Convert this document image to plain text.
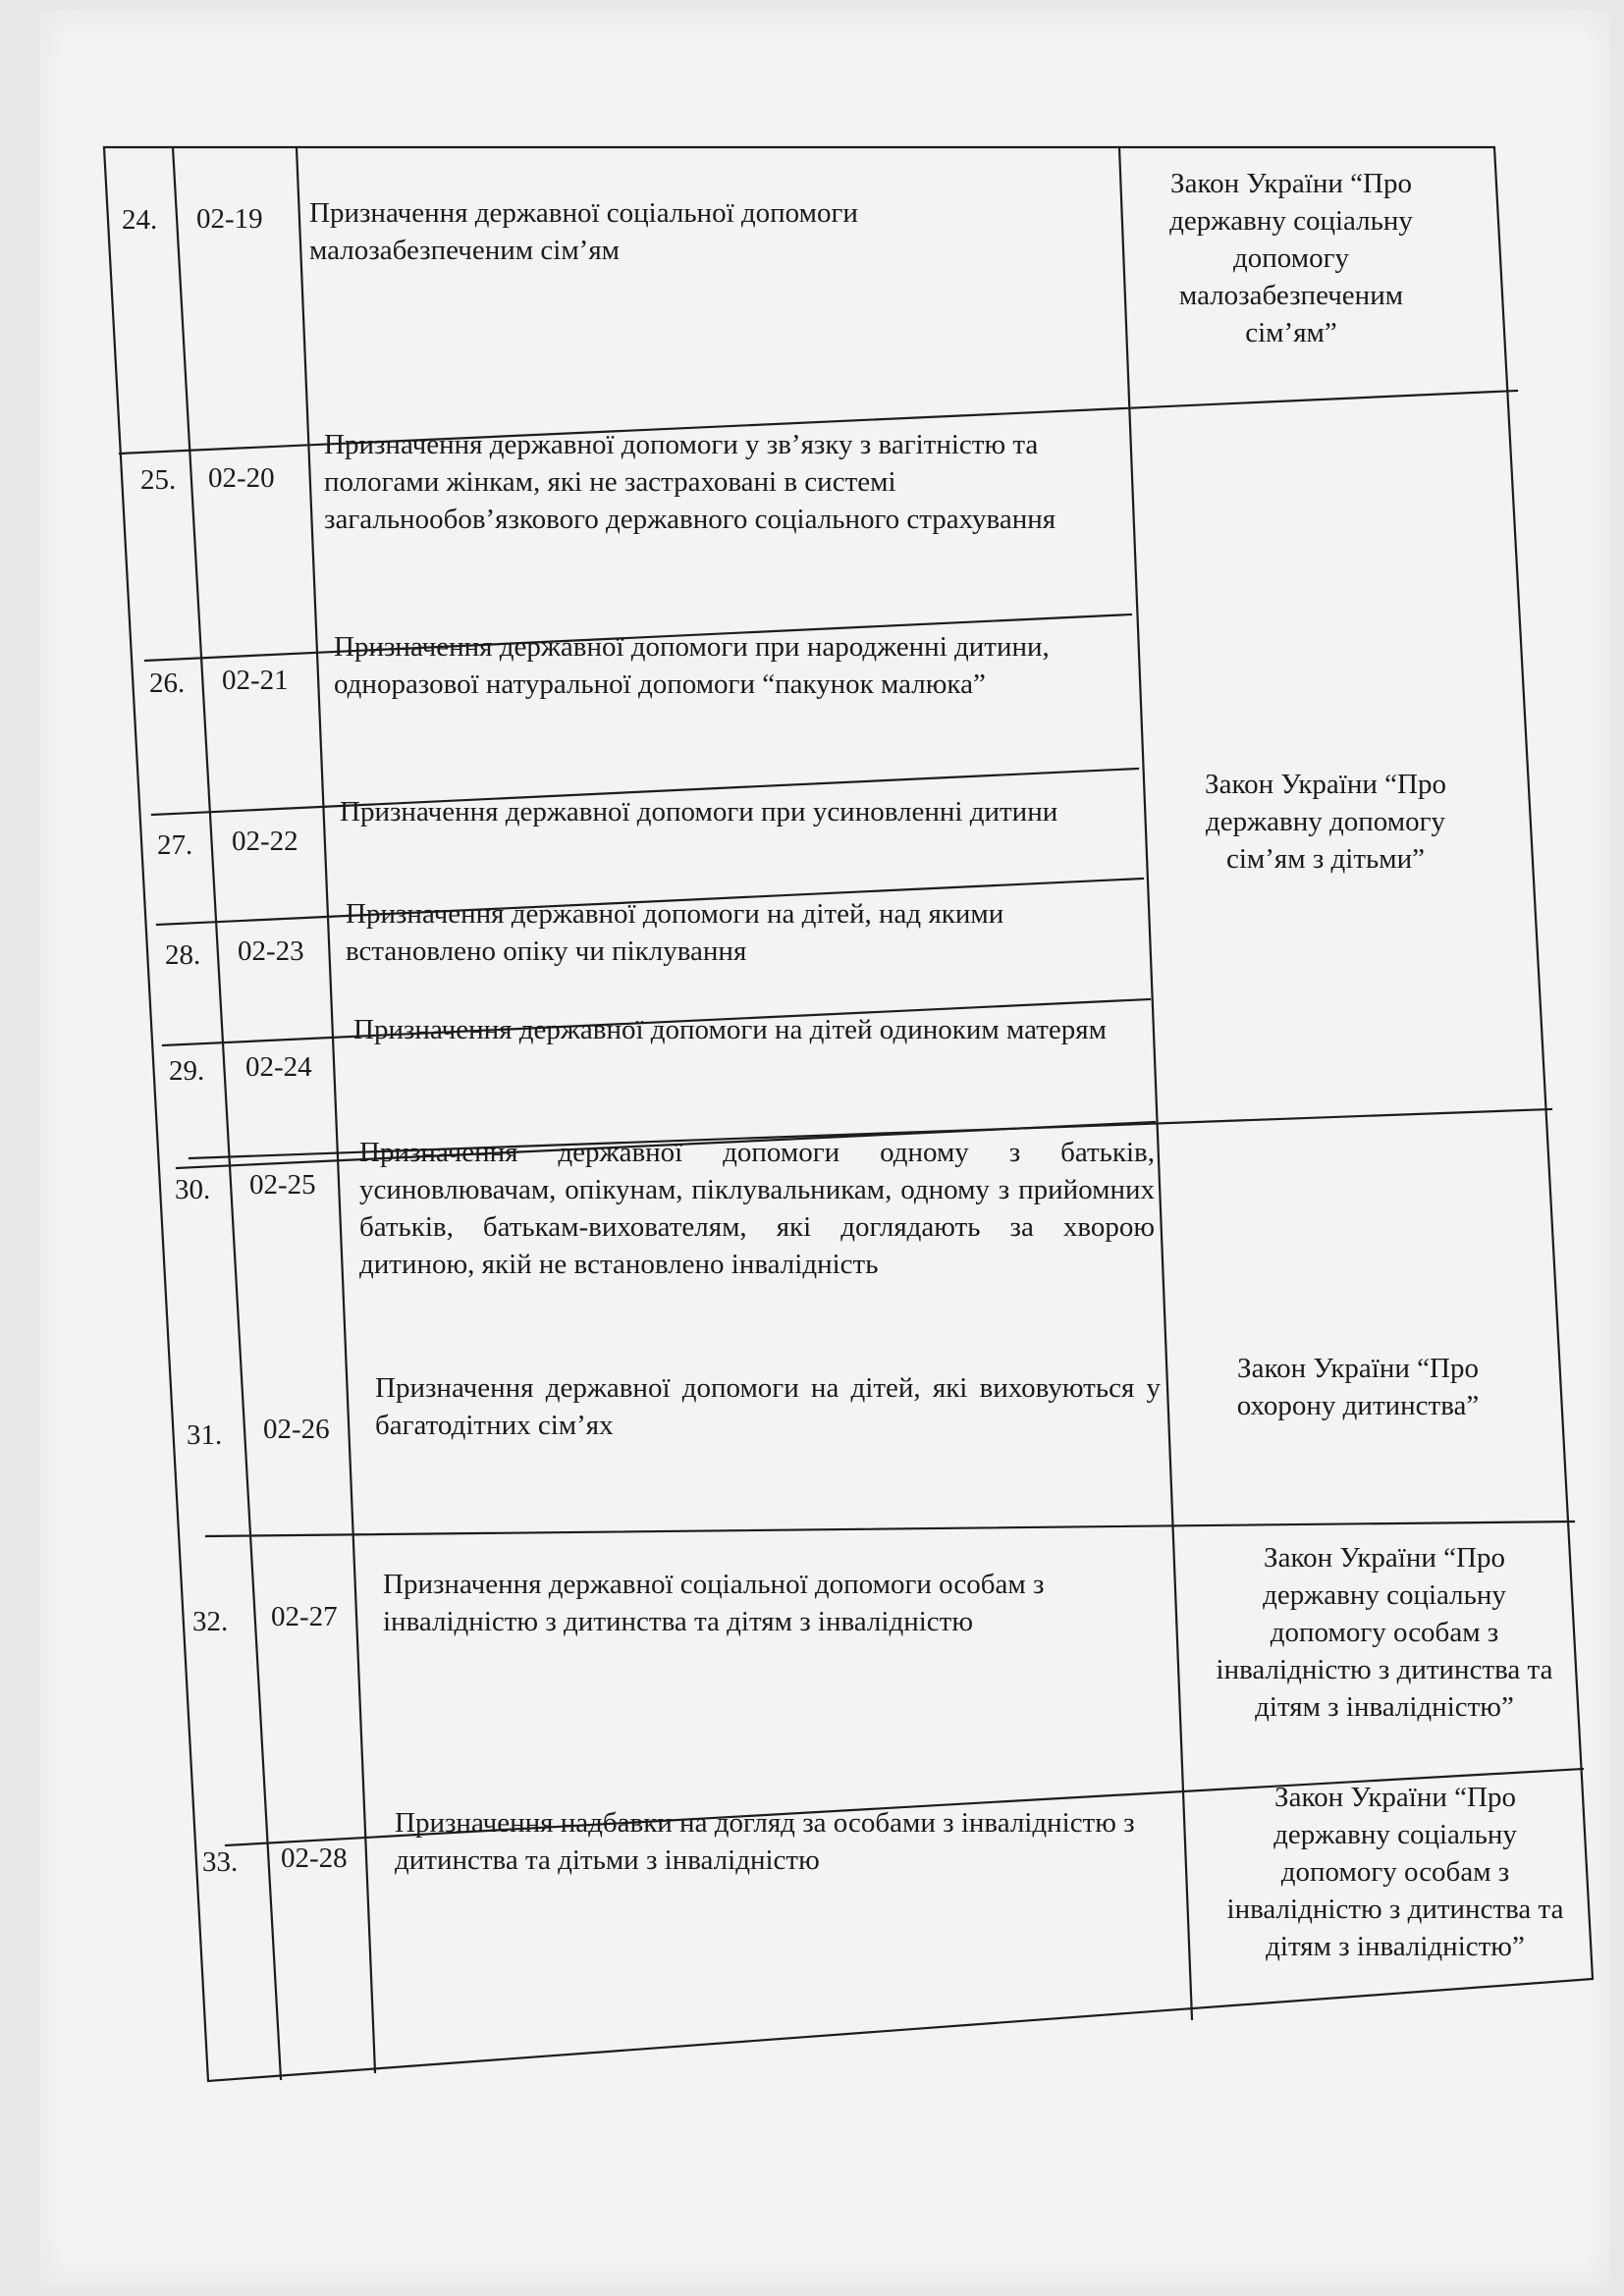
24. 02-19 Призначення державної соціальної допомоги малозабезпеченим сім’ям
Закон України “Про державну соціальну допомогу малозабезпеченим сім’ям”
25. 02-20
Призначення державної допомоги у зв’язку з вагітністю та пологами жінкам, які не застраховані в системі загальнообов’язкового державного соціального страхування
26. 02-21
Призначення державної допомоги при народженні дитини, одноразової натуральної допомоги “пакунок малюка”
27. 02-22
Призначення державної допомоги при усиновленні дитини
28. 02-23
Призначення державної допомоги на дітей, над якими встановлено опіку чи піклування
29. 02-24
Призначення державної допомоги на дітей одиноким матерям
30. 02-25
Призначення державної допомоги одному з батьків, усиновлювачам, опікунам, піклувальникам, одному з прийомних батьків, батькам-вихователям, які доглядають за хворою дитиною, якій не встановлено інвалідність
Закон України “Про державну допомогу сім’ям з дітьми”
31. 02-26
Призначення державної допомоги на дітей, які виховуються у багатодітних сім’ях
Закон України “Про охорону дитинства”
32. 02-27
Призначення державної соціальної допомоги особам з інвалідністю з дитинства та дітям з інвалідністю
Закон України “Про державну соціальну допомогу особам з інвалідністю з дитинства та дітям з інвалідністю”
33. 02-28
Призначення надбавки на догляд за особами з інвалідністю з дитинства та дітьми з інвалідністю
Закон України “Про державну соціальну допомогу особам з інвалідністю з дитинства та дітям з інвалідністю”
